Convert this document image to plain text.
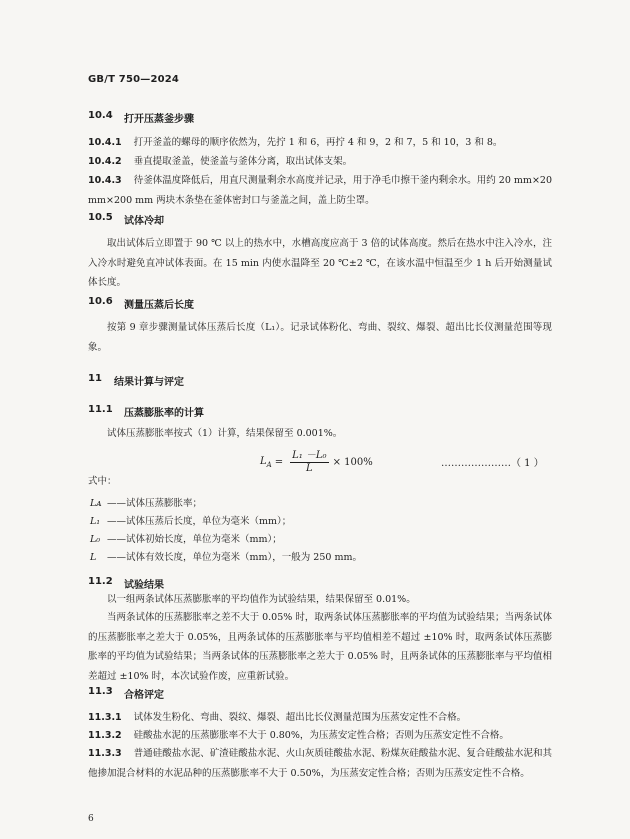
GB/T 750—2024
10.4 打开压蒸釜步骤
10.4.1 打开釜盖的螺母的顺序依然为，先拧 1 和 6，再拧 4 和 9，2 和 7，5 和 10，3 和 8。
10.4.2 垂直提取釜盖，使釜盖与釜体分离，取出试体支架。
10.4.3 待釜体温度降低后，用直尺测量剩余水高度并记录，用于净毛巾擦干釜内剩余水。用约 20 mm×20 mm×200 mm 两块木条垫在釜体密封口与釜盖之间，盖上防尘罩。
10.5 试体冷却
取出试体后立即置于 90 ℃ 以上的热水中，水槽高度应高于 3 倍的试体高度。然后在热水中注入冷水，注入冷水时避免直冲试体表面。在 15 min 内使水温降至 20 ℃±2 ℃，在该水温中恒温至少 1 h 后开始测量试体长度。
10.6 测量压蒸后长度
按第 9 章步骤测量试体压蒸后长度（L₁）。记录试体粉化、弯曲、裂纹、爆裂、超出比长仪测量范围等现象。
11 结果计算与评定
11.1 压蒸膨胀率的计算
试体压蒸膨胀率按式（1）计算，结果保留至 0.001%。
$L_A = \frac{\text{L₁ －L₀}}{L} \times 100\%$	…………………（ 1 ）
式中：
Lᴀ ——试体压蒸膨胀率；
L₁ ——试体压蒸后长度，单位为毫米（mm）；
L₀ ——试体初始长度，单位为毫米（mm）；
L ——试体有效长度，单位为毫米（mm），一般为 250 mm。
11.2 试验结果
以一组两条试体压蒸膨胀率的平均值作为试验结果，结果保留至 0.01%。
当两条试体的压蒸膨胀率之差不大于 0.05% 时，取两条试体压蒸膨胀率的平均值为试验结果；当两条试体的压蒸膨胀率之差大于 0.05%，且两条试体的压蒸膨胀率与平均值相差不超过 ±10% 时，取两条试体压蒸膨胀率的平均值为试验结果；当两条试体的压蒸膨胀率之差大于 0.05% 时，且两条试体的压蒸膨胀率与平均值相差超过 ±10% 时，本次试验作废，应重新试验。
11.3 合格评定
11.3.1 试体发生粉化、弯曲、裂纹、爆裂、超出比长仪测量范围为压蒸安定性不合格。
11.3.2 硅酸盐水泥的压蒸膨胀率不大于 0.80%，为压蒸安定性合格；否则为压蒸安定性不合格。
11.3.3 普通硅酸盐水泥、矿渣硅酸盐水泥、火山灰质硅酸盐水泥、粉煤灰硅酸盐水泥、复合硅酸盐水泥和其他掺加混合材料的水泥品种的压蒸膨胀率不大于 0.50%，为压蒸安定性合格；否则为压蒸安定性不合格。
6
